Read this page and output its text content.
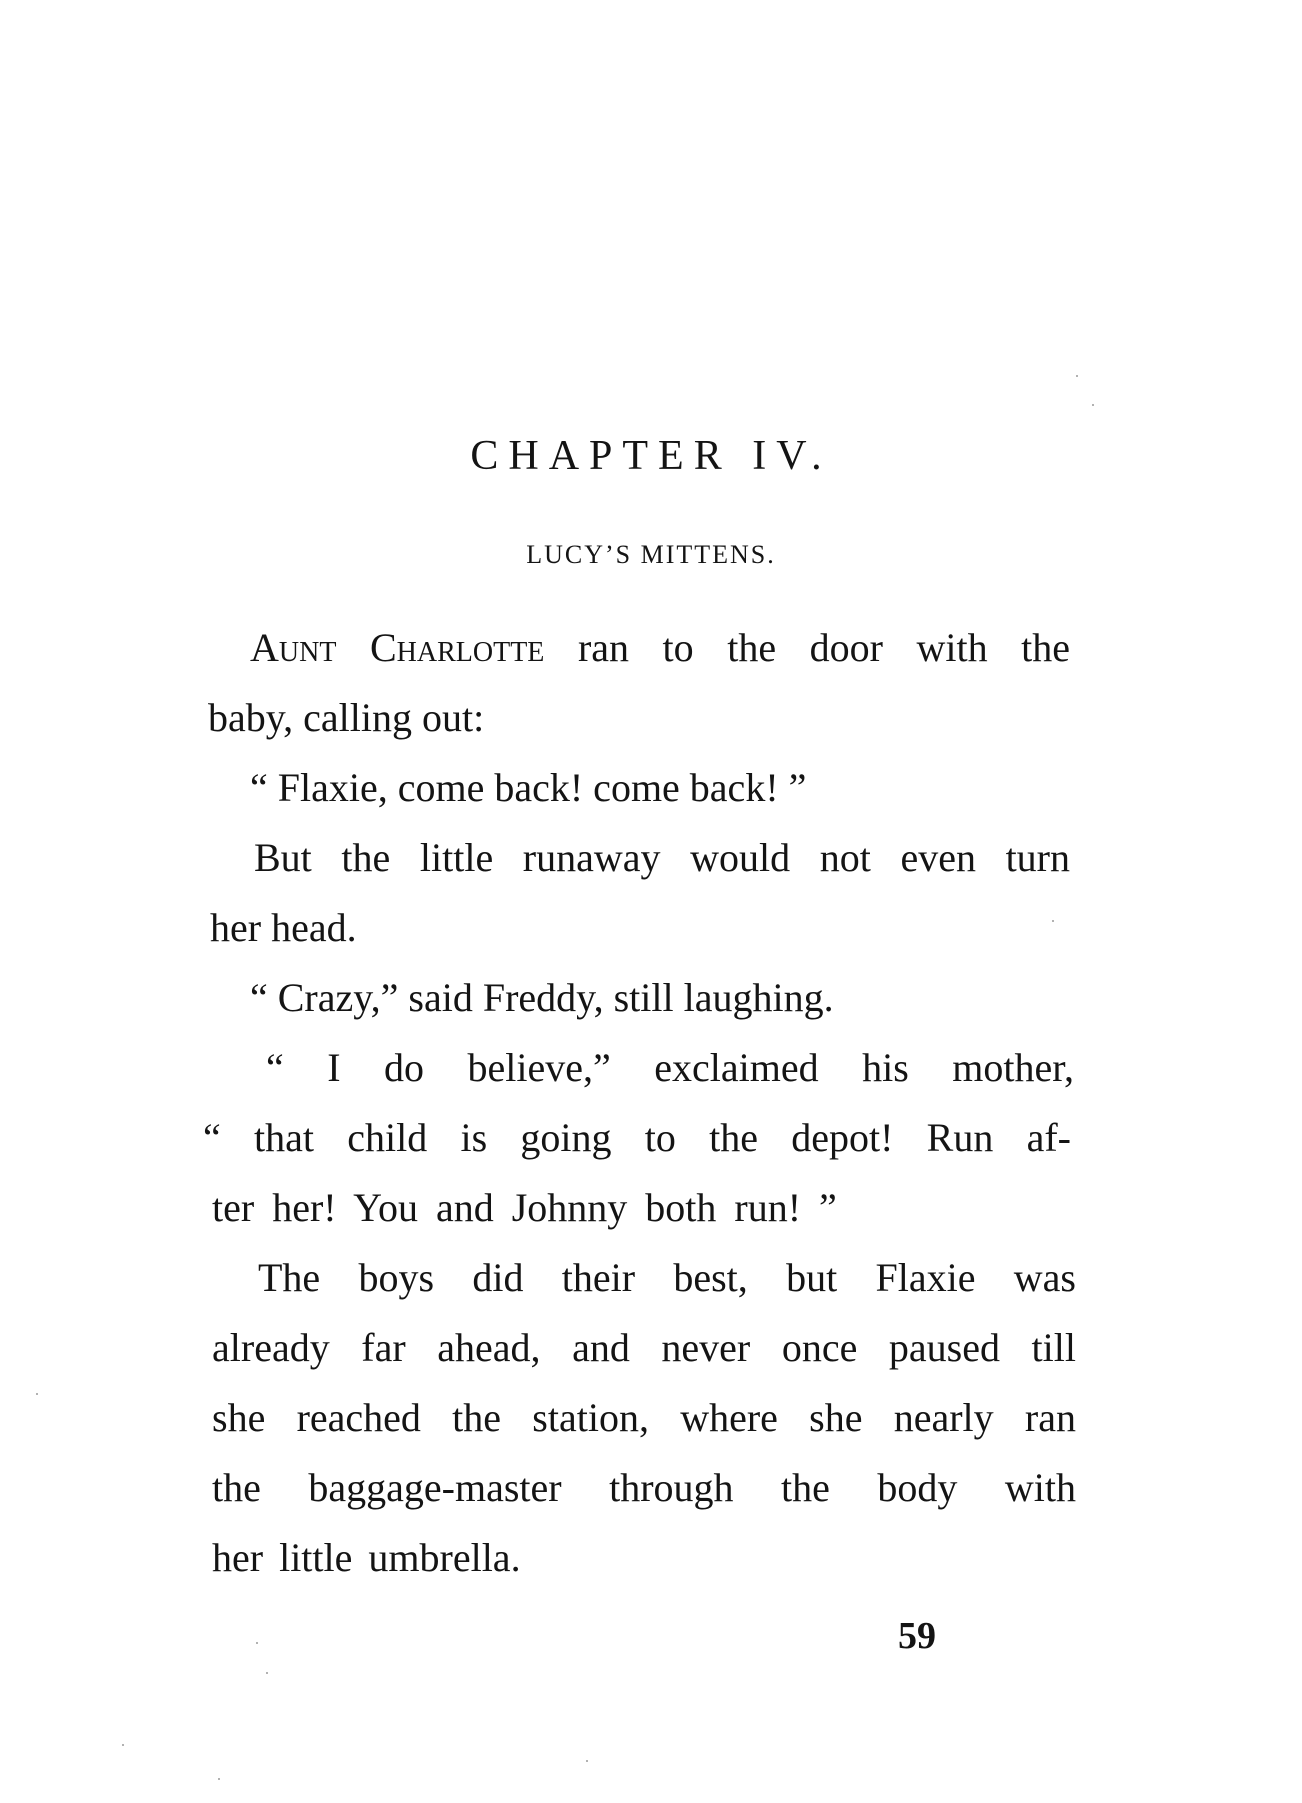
CHAPTER IV.
LUCY’S MITTENS.
Aunt Charlotte ran to the door with the
baby, calling out:
“ Flaxie, come back! come back! ”
But the little runaway would not even turn
her head.
“ Crazy,” said Freddy, still laughing.
“ I do believe,” exclaimed his mother,
“ that child is going to the depot! Run af-
ter her! You and Johnny both run! ”
The boys did their best, but Flaxie was
already far ahead, and never once paused till
she reached the station, where she nearly ran
the baggage-master through the body with
her little umbrella.
59
